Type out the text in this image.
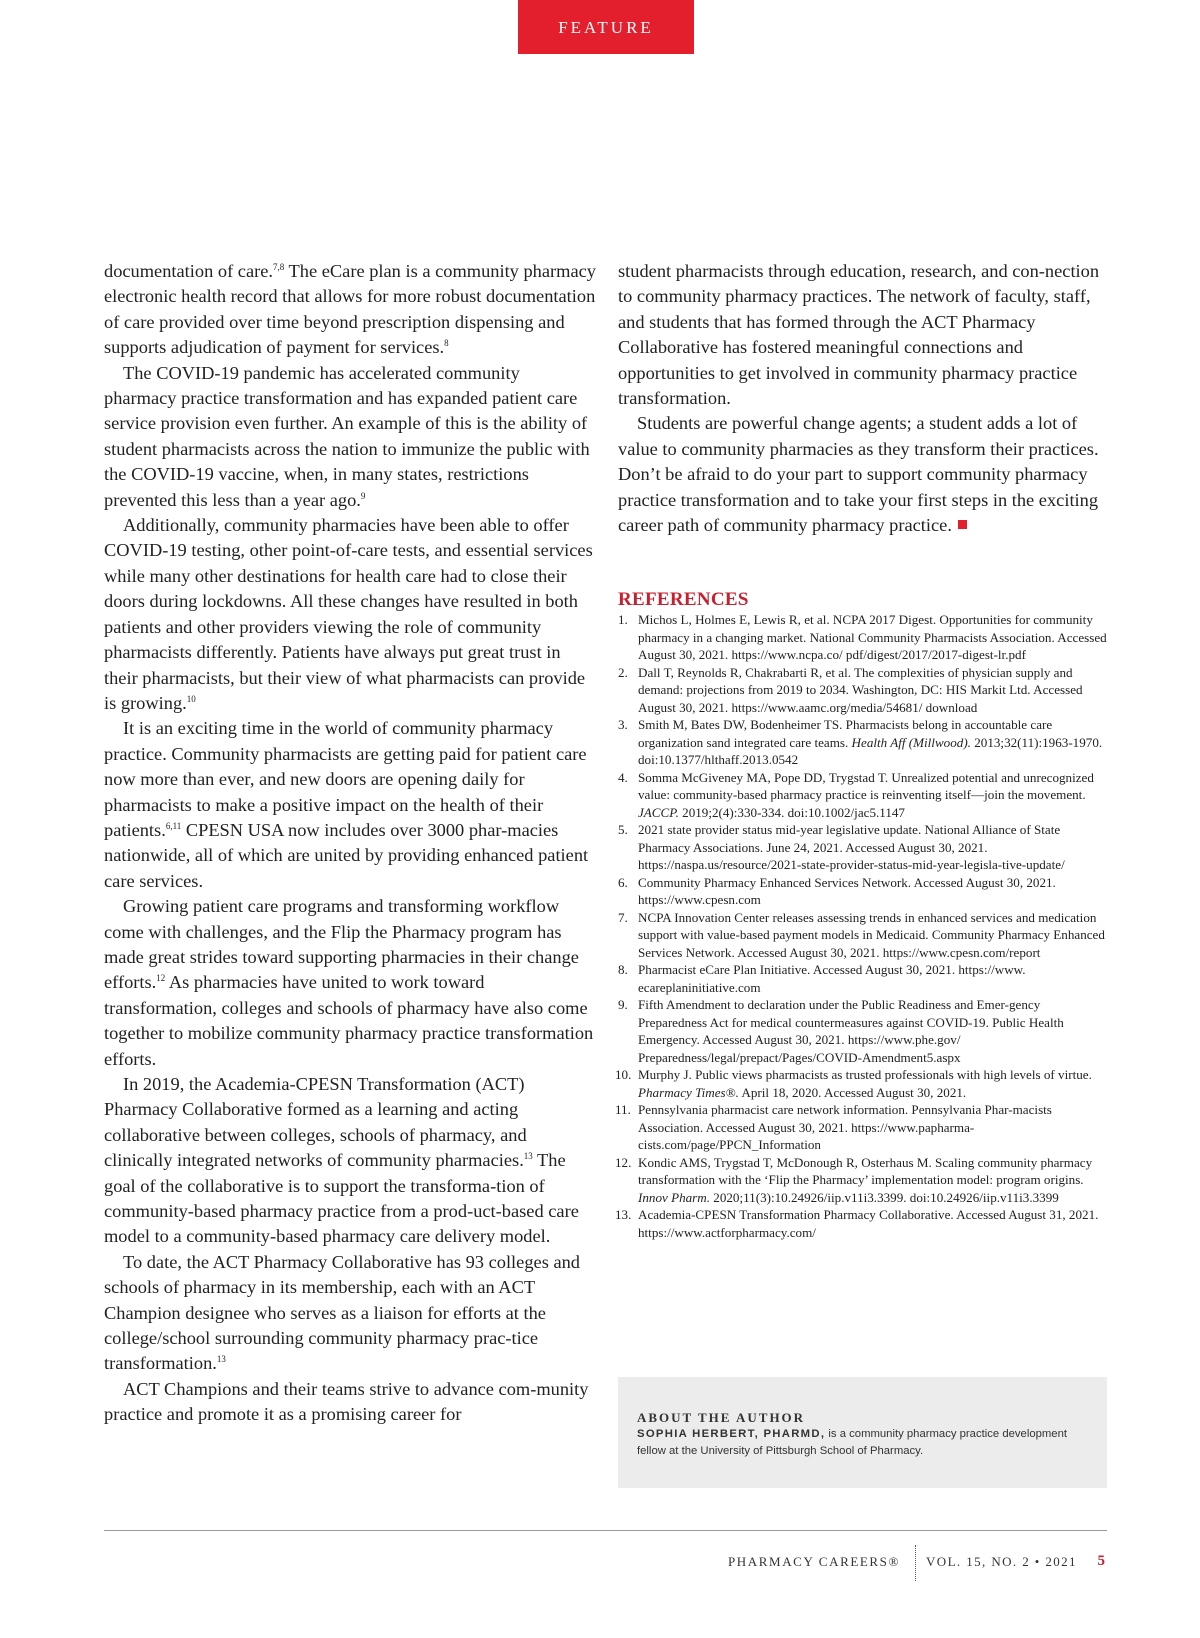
FEATURE

documentation of care.$^{7,8}$ The eCare plan is a community pharmacy electronic health record that allows for more robust documentation of care provided over time beyond prescription dispensing and supports adjudication of payment for services.$^8$

The COVID-19 pandemic has accelerated community pharmacy practice transformation and has expanded patient care service provision even further. An example of this is the ability of student pharmacists across the nation to immunize the public with the COVID-19 vaccine, when, in many states, restrictions prevented this less than a year ago.$^9$

Additionally, community pharmacies have been able to offer COVID-19 testing, other point-of-care tests, and essential services while many other destinations for health care had to close their doors during lockdowns. All these changes have resulted in both patients and other providers viewing the role of community pharmacists differently. Patients have always put great trust in their pharmacists, but their view of what pharmacists can provide is growing.$^{10}$

It is an exciting time in the world of community pharmacy practice. Community pharmacists are getting paid for patient care now more than ever, and new doors are opening daily for pharmacists to make a positive impact on the health of their patients.$^{6,11}$ CPESN USA now includes over 3000 phar-macies nationwide, all of which are united by providing enhanced patient care services.

Growing patient care programs and transforming workflow come with challenges, and the Flip the Pharmacy program has made great strides toward supporting pharmacies in their change efforts.$^{12}$ As pharmacies have united to work toward transformation, colleges and schools of pharmacy have also come together to mobilize community pharmacy practice transformation efforts.

In 2019, the Academia-CPESN Transformation (ACT) Pharmacy Collaborative formed as a learning and acting collaborative between colleges, schools of pharmacy, and clinically integrated networks of community pharmacies.$^{13}$ The goal of the collaborative is to support the transforma-tion of community-based pharmacy practice from a prod-uct-based care model to a community-based pharmacy care delivery model.

To date, the ACT Pharmacy Collaborative has 93 colleges and schools of pharmacy in its membership, each with an ACT Champion designee who serves as a liaison for efforts at the college/school surrounding community pharmacy prac-tice transformation.$^{13}$

ACT Champions and their teams strive to advance com-munity practice and promote it as a promising career for

student pharmacists through education, research, and con-nection to community pharmacy practices. The network of faculty, staff, and students that has formed through the ACT Pharmacy Collaborative has fostered meaningful connections and opportunities to get involved in community pharmacy practice transformation.

Students are powerful change agents; a student adds a lot of value to community pharmacies as they transform their practices. Don’t be afraid to do your part to support community pharmacy practice transformation and to take your first steps in the exciting career path of community pharmacy practice.

REFERENCES
1. Michos L, Holmes E, Lewis R, et al. NCPA 2017 Digest. Opportunities for community pharmacy in a changing market. National Community Pharmacists Association. Accessed August 30, 2021. https://www.ncpa.co/ pdf/digest/2017/2017-digest-lr.pdf
2. Dall T, Reynolds R, Chakrabarti R, et al. The complexities of physician supply and demand: projections from 2019 to 2034. Washington, DC: HIS Markit Ltd. Accessed August 30, 2021. https://www.aamc.org/media/54681/ download
3. Smith M, Bates DW, Bodenheimer TS. Pharmacists belong in accountable care organization sand integrated care teams. Health Aff (Millwood). 2013;32(11):1963-1970. doi:10.1377/hlthaff.2013.0542
4. Somma McGiveney MA, Pope DD, Trygstad T. Unrealized potential and unrecognized value: community-based pharmacy practice is reinventing itself—join the movement. JACCP. 2019;2(4):330-334. doi:10.1002/jac5.1147
5. 2021 state provider status mid-year legislative update. National Alliance of State Pharmacy Associations. June 24, 2021. Accessed August 30, 2021. https://naspa.us/resource/2021-state-provider-status-mid-year-legisla-tive-update/
6. Community Pharmacy Enhanced Services Network. Accessed August 30, 2021. https://www.cpesn.com
7. NCPA Innovation Center releases assessing trends in enhanced services and medication support with value-based payment models in Medicaid. Community Pharmacy Enhanced Services Network. Accessed August 30, 2021. https://www.cpesn.com/report
8. Pharmacist eCare Plan Initiative. Accessed August 30, 2021. https://www. ecareplaninitiative.com
9. Fifth Amendment to declaration under the Public Readiness and Emer-gency Preparedness Act for medical countermeasures against COVID-19. Public Health Emergency. Accessed August 30, 2021. https://www.phe.gov/ Preparedness/legal/prepact/Pages/COVID-Amendment5.aspx
10. Murphy J. Public views pharmacists as trusted professionals with high levels of virtue. Pharmacy Times®. April 18, 2020. Accessed August 30, 2021.
11. Pennsylvania pharmacist care network information. Pennsylvania Phar-macists Association. Accessed August 30, 2021. https://www.papharma-cists.com/page/PPCN_Information
12. Kondic AMS, Trygstad T, McDonough R, Osterhaus M. Scaling community pharmacy transformation with the ‘Flip the Pharmacy’ implementation model: program origins. Innov Pharm. 2020;11(3):10.24926/iip.v11i3.3399. doi:10.24926/iip.v11i3.3399
13. Academia-CPESN Transformation Pharmacy Collaborative. Accessed August 31, 2021. https://www.actforpharmacy.com/
ABOUT THE AUTHOR
SOPHIA HERBERT, PHARMD, is a community pharmacy practice development fellow at the University of Pittsburgh School of Pharmacy.
PHARMACY CAREERS® VOL. 15, NO. 2 • 2021 5
